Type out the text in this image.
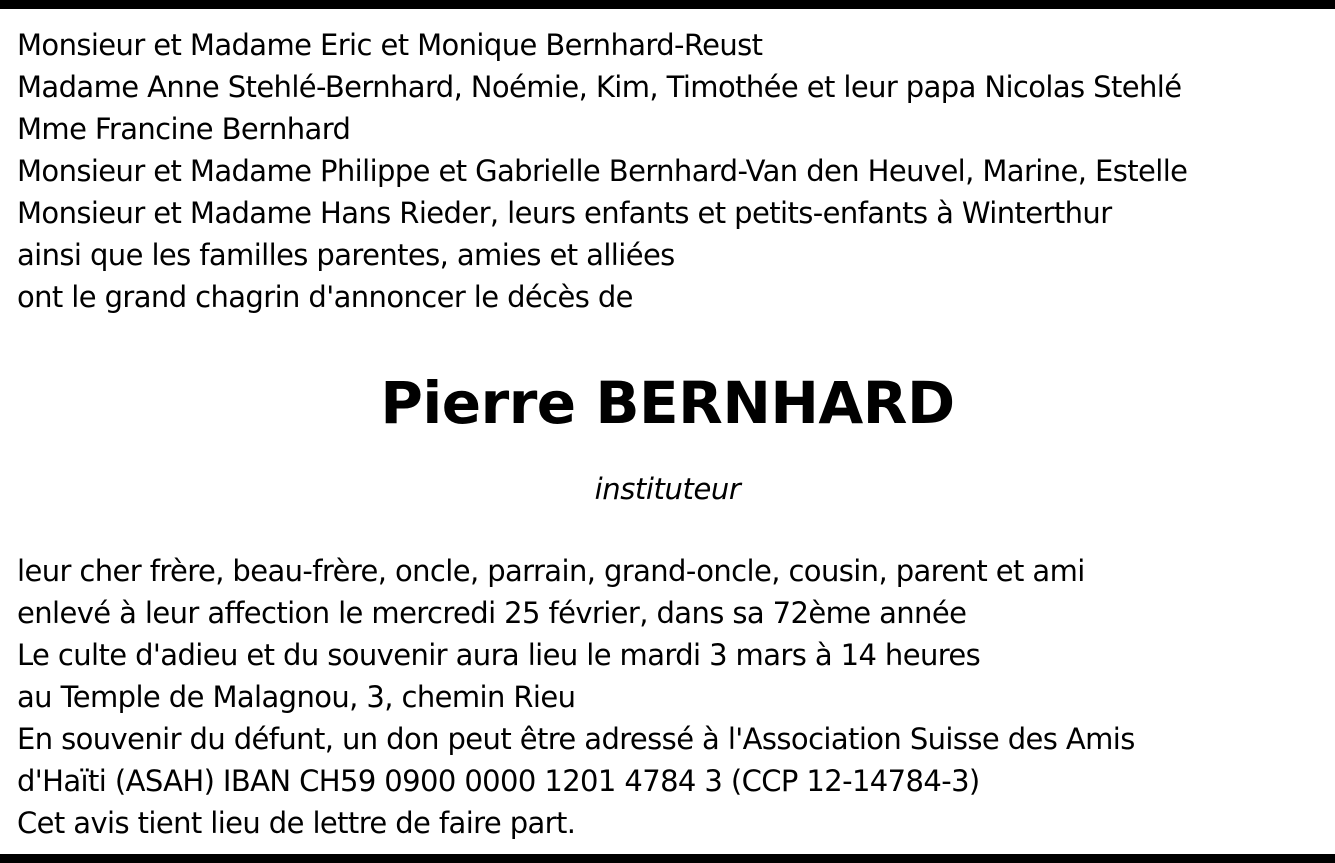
Monsieur et Madame Eric et Monique Bernhard-Reust
Madame Anne Stehlé-Bernhard, Noémie, Kim, Timothée et leur papa Nicolas Stehlé
Mme Francine Bernhard
Monsieur et Madame Philippe et Gabrielle Bernhard-Van den Heuvel, Marine, Estelle
Monsieur et Madame Hans Rieder, leurs enfants et petits-enfants à Winterthur
ainsi que les familles parentes, amies et alliées
ont le grand chagrin d'annoncer le décès de
Pierre BERNHARD
instituteur
leur cher frère, beau-frère, oncle, parrain, grand-oncle, cousin, parent et ami
enlevé à leur affection le mercredi 25 février, dans sa 72ème année
Le culte d'adieu et du souvenir aura lieu le mardi 3 mars à 14 heures
au Temple de Malagnou, 3, chemin Rieu
En souvenir du défunt, un don peut être adressé à l'Association Suisse des Amis
d'Haïti (ASAH) IBAN CH59 0900 0000 1201 4784 3 (CCP 12-14784-3)
Cet avis tient lieu de lettre de faire part.
